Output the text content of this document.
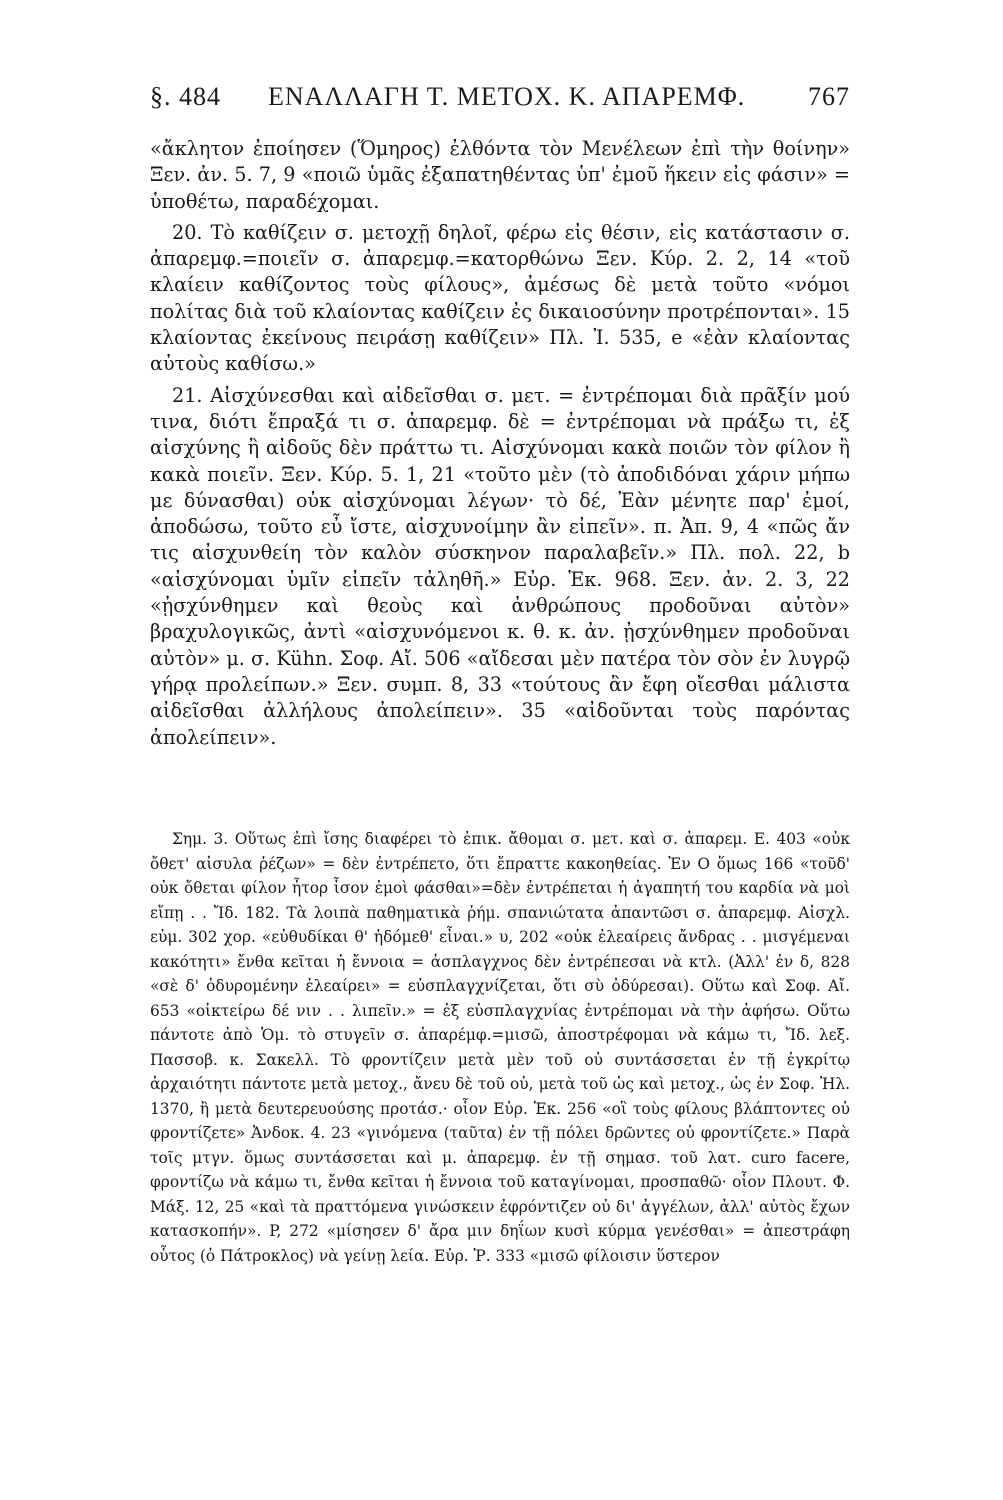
§. 484 ΕΝΑΛΛΑΓΗ Τ. ΜΕΤΟΧ. Κ. ΑΠΑΡΕΜΦ. 767

«ἄκλητον ἐποίησεν (Ὅμηρος) ἐλθόντα τὸν Μενέλεων ἐπὶ τὴν θοίνην» Ξεν. ἀν. 5. 7, 9 «ποιῶ ὑμᾶς ἐξαπατηθέντας ὑπ' ἐμοῦ ἥκειν εἰς φάσιν» = ὑποθέτω, παραδέχομαι.

20. Τὸ καθίζειν σ. μετοχῇ δηλοῖ, φέρω εἰς θέσιν, εἰς κατάστασιν σ. ἀπαρεμφ.=ποιεῖν σ. ἀπαρεμφ.=κατορθώνω Ξεν. Κύρ. 2. 2, 14 «τοῦ κλαίειν καθίζοντος τοὺς φίλους», ἀμέσως δὲ μετὰ τοῦτο «νόμοι πολίτας διὰ τοῦ κλαίοντας καθίζειν ἐς δικαιοσύνην προτρέπονται». 15 κλαίοντας ἐκείνους πειράσῃ καθίζειν» Πλ. Ἰ. 535, e «ἐὰν κλαίοντας αὐτοὺς καθίσω.»

21. Αἰσχύνεσθαι καὶ αἰδεῖσθαι σ. μετ. = ἐντρέπομαι διὰ πρᾶξίν μού τινα, διότι ἔπραξά τι σ. ἀπαρεμφ. δὲ = ἐντρέπομαι νὰ πράξω τι, ἐξ αἰσχύνης ἢ αἰδοῦς δὲν πράττω τι. Αἰσχύνομαι κακὰ ποιῶν τὸν φίλον ἢ κακὰ ποιεῖν. Ξεν. Κύρ. 5. 1, 21 «τοῦτο μὲν (τὸ ἀποδιδόναι χάριν μήπω με δύνασθαι) οὐκ αἰσχύνομαι λέγων· τὸ δέ, Ἐὰν μένητε παρ' ἐμοί, ἀποδώσω, τοῦτο εὖ ἴστε, αἰσχυνοίμην ἂν εἰπεῖν». π. Ἀπ. 9, 4 «πῶς ἄν τις αἰσχυνθείη τὸν καλὸν σύσκηνον παραλαβεῖν.» Πλ. πολ. 22, b «αἰσχύνομαι ὑμῖν εἰπεῖν τἀληθῆ.» Εὐρ. Ἑκ. 968. Ξεν. ἀν. 2. 3, 22 «ᾐσχύνθημεν καὶ θεοὺς καὶ ἀνθρώπους προδοῦναι αὐτὸν» βραχυλογικῶς, ἀντὶ «αἰσχυνόμενοι κ. θ. κ. ἀν. ᾐσχύνθημεν προδοῦναι αὐτὸν» μ. σ. Kühn. Σοφ. Αἴ. 506 «αἴδεσαι μὲν πατέρα τὸν σὸν ἐν λυγρῷ γήρᾳ προλείπων.» Ξεν. συμπ. 8, 33 «τούτους ἂν ἔφη οἴεσθαι μάλιστα αἰδεῖσθαι ἀλλήλους ἀπολείπειν». 35 «αἰδοῦνται τοὺς παρόντας ἀπολείπειν».

Σημ. 3. Οὕτως ἐπὶ ἴσης διαφέρει τὸ ἐπικ. ἄθομαι σ. μετ. καὶ σ. ἀπαρεμ. Ε. 403 «οὐκ ὄθετ' αἰσυλα ῥέζων» = δὲν ἐντρέπετο, ὅτι ἔπραττε κακοηθείας. Ἐν Ο ὅμως 166 «τοῦδ' οὐκ ὄθεται φίλον ἦτορ ἶσον ἐμοὶ φάσθαι»=δὲν ἐντρέπεται ἡ ἀγαπητή του καρδία νὰ μοὶ εἴπῃ . . Ἴδ. 182. Τὰ λοιπὰ παθηματικὰ ῥήμ. σπανιώτατα ἀπαντῶσι σ. ἀπαρεμφ. Αἰσχλ. εὐμ. 302 χορ. «εὐθυδίκαι θ' ἡδόμεθ' εἶναι.» υ, 202 «οὐκ ἐλεαίρεις ἄνδρας . . μισγέμεναι κακότητι» ἔνθα κεῖται ἡ ἔννοια = ἀσπλαγχνος δὲν ἐντρέπεσαι νὰ κτλ. (Ἀλλ' ἐν δ, 828 «σὲ δ' ὀδυρομένην ἐλεαίρει» = εὐσπλαγχνίζεται, ὅτι σὺ ὀδύρεσαι). Οὕτω καὶ Σοφ. Αἴ. 653 «οἰκτείρω δέ νιν . . λιπεῖν.» = ἐξ εὐσπλαγχνίας ἐντρέπομαι νὰ τὴν ἀφήσω. Οὕτω πάντοτε ἀπὸ Ὁμ. τὸ στυγεῖν σ. ἀπαρέμφ.=μισῶ, ἀποστρέφομαι νὰ κάμω τι, Ἴδ. λεξ. Πασσοβ. κ. Σακελλ. Τὸ φροντίζειν μετὰ μὲν τοῦ οὐ συντάσσεται ἐν τῇ ἐγκρίτῳ ἀρχαιότητι πάντοτε μετὰ μετοχ., ἄνευ δὲ τοῦ οὐ, μετὰ τοῦ ὡς καὶ μετοχ., ὡς ἐν Σοφ. Ἠλ. 1370, ἢ μετὰ δευτερευούσης προτάσ.· οἷον Εὐρ. Ἑκ. 256 «οἳ τοὺς φίλους βλάπτοντες οὐ φροντίζετε» Ἀνδοκ. 4. 23 «γινόμενα (ταῦτα) ἐν τῇ πόλει δρῶντες οὐ φροντίζετε.» Παρὰ τοῖς μτγν. ὅμως συντάσσεται καὶ μ. ἀπαρεμφ. ἐν τῇ σημασ. τοῦ λατ. curo facere, φροντίζω νὰ κάμω τι, ἔνθα κεῖται ἡ ἔννοια τοῦ καταγίνομαι, προσπαθῶ· οἷον Πλουτ. Φ. Μάξ. 12, 25 «καὶ τὰ πραττόμενα γινώσκειν ἐφρόντιζεν οὐ δι' ἀγγέλων, ἀλλ' αὐτὸς ἔχων κατασκοπήν». P, 272 «μίσησεν δ' ἄρα μιν δηΐων κυσὶ κύρμα γενέσθαι» = ἀπεστράφη οὗτος (ὁ Πάτροκλος) νὰ γείνῃ λεία. Εὐρ. Ῥ. 333 «μισῶ φίλοισιν ὕστερον
